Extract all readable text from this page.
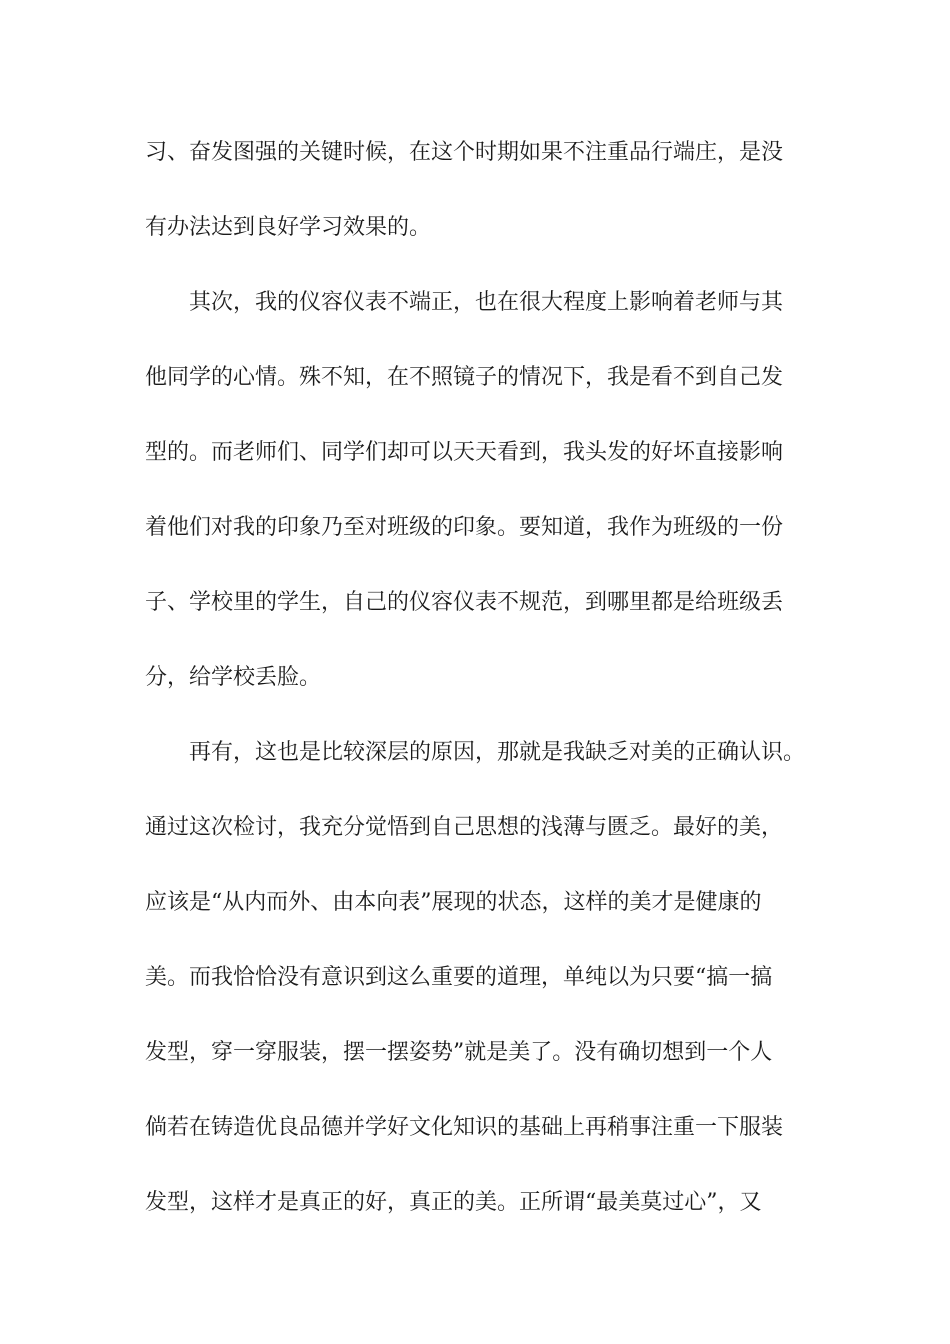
习、奋发图强的关键时候，在这个时期如果不注重品行端庄，是没
有办法达到良好学习效果的。
其次，我的仪容仪表不端正，也在很大程度上影响着老师与其
他同学的心情。殊不知，在不照镜子的情况下，我是看不到自己发
型的。而老师们、同学们却可以天天看到，我头发的好坏直接影响
着他们对我的印象乃至对班级的印象。要知道，我作为班级的一份
子、学校里的学生，自己的仪容仪表不规范，到哪里都是给班级丢
分，给学校丢脸。
再有，这也是比较深层的原因，那就是我缺乏对美的正确认识。
通过这次检讨，我充分觉悟到自己思想的浅薄与匮乏。最好的美，
应该是“从内而外、由本向表”展现的状态，这样的美才是健康的
美。而我恰恰没有意识到这么重要的道理，单纯以为只要“搞一搞
发型，穿一穿服装，摆一摆姿势”就是美了。没有确切想到一个人
倘若在铸造优良品德并学好文化知识的基础上再稍事注重一下服装
发型，这样才是真正的好，真正的美。正所谓“最美莫过心”，又
